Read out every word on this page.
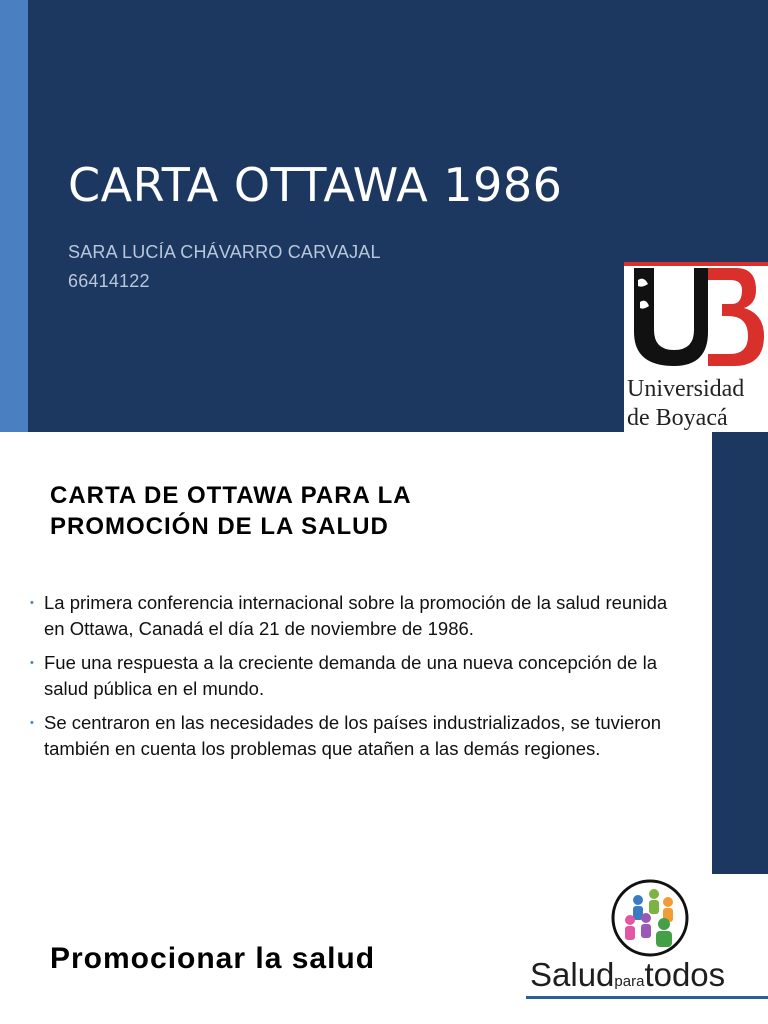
CARTA OTTAWA 1986
SARA LUCÍA CHÁVARRO CARVAJAL
66414122
Universidad
de Boyacá
CARTA DE OTTAWA PARA LA
PROMOCIÓN DE LA SALUD
• La primera conferencia internacional sobre la promoción de la salud reunida en Ottawa, Canadá el día 21 de noviembre de 1986.
• Fue una respuesta a la creciente demanda de una nueva concepción de la salud pública en el mundo.
• Se centraron en las necesidades de los países industrializados, se tuvieron también en cuenta los problemas que atañen a las demás regiones.
Promocionar la salud	Saludparatodos
